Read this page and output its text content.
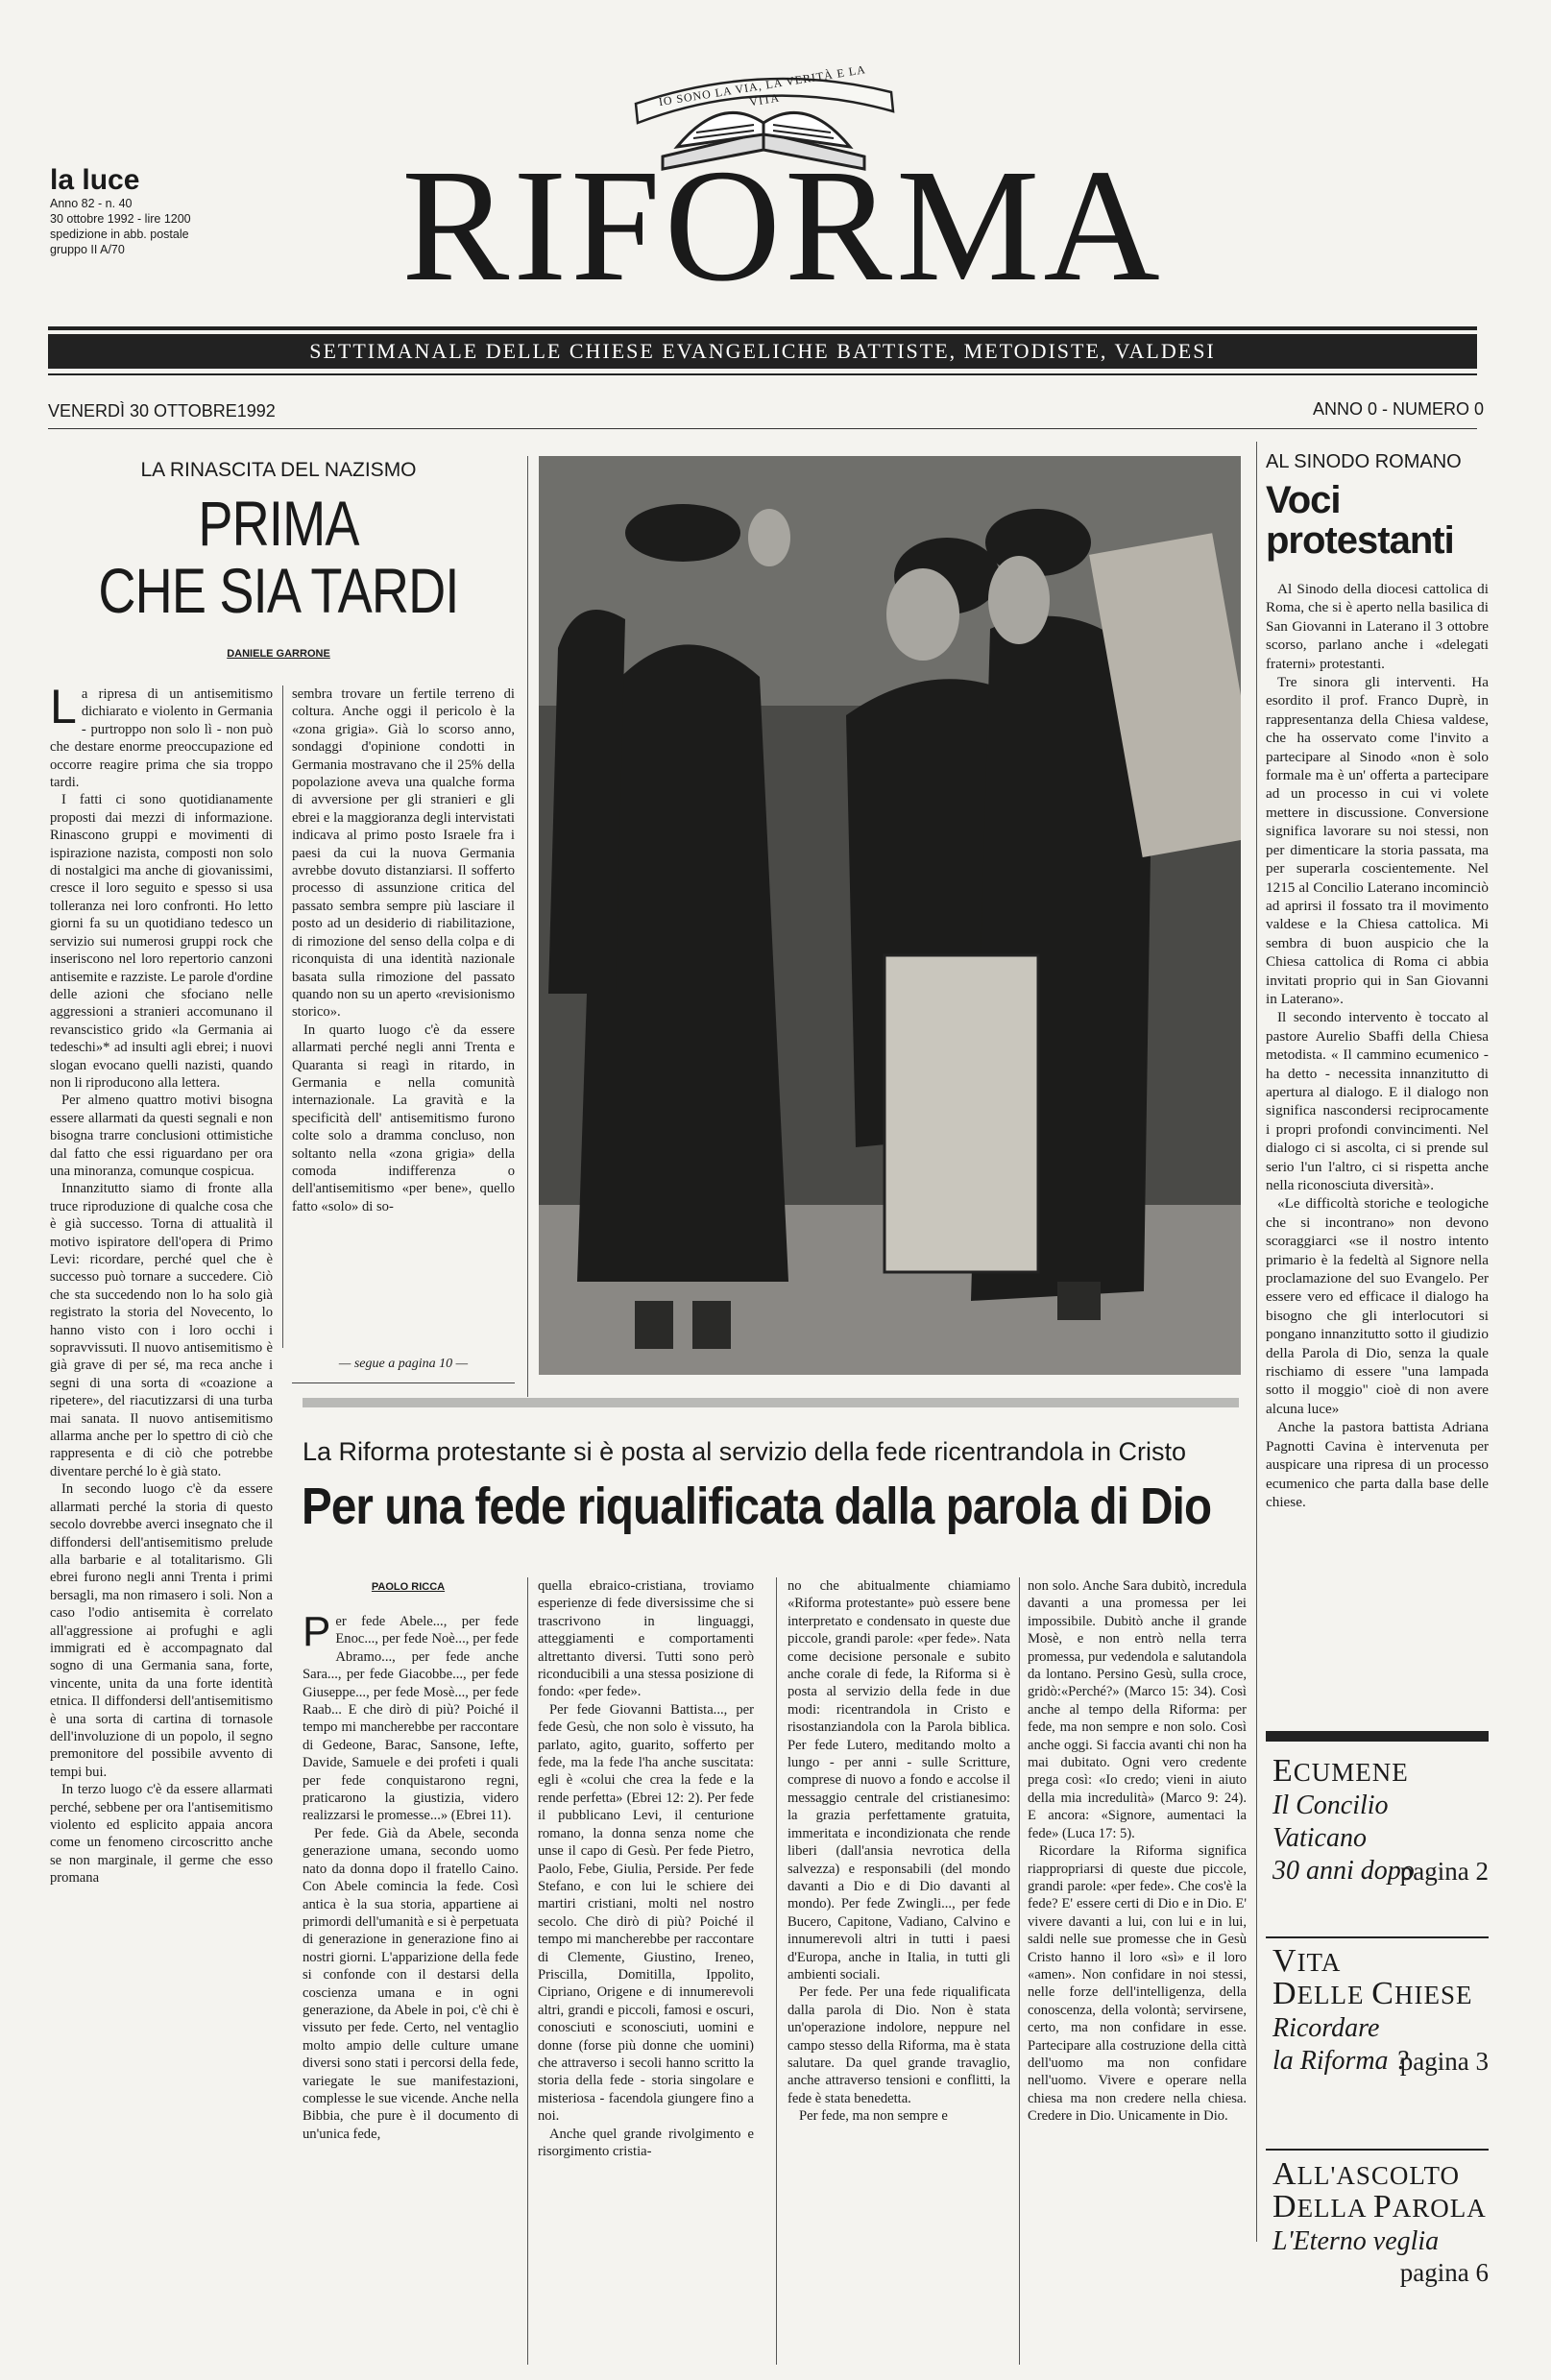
la luce
Anno 82 - n. 40
30 ottobre 1992 - lire 1200
spedizione in abb. postale
gruppo II A/70
IO SONO LA VIA, LA VERITÀ E LA VITA
RIFORMA
SETTIMANALE DELLE CHIESE EVANGELICHE BATTISTE, METODISTE, VALDESI
VENERDÌ 30 OTTOBRE1992	ANNO 0 - NUMERO 0
LA RINASCITA DEL NAZISMO
PRIMA
CHE SIA TARDI
DANIELE GARRONE

La ripresa di un antisemitismo dichiarato e violento in Germania - purtroppo non solo lì - non può che destare enorme preoccupazione ed occorre reagire prima che sia troppo tardi.

I fatti ci sono quotidianamente proposti dai mezzi di informazione. Rinascono gruppi e movimenti di ispirazione nazista, composti non solo di nostalgici ma anche di giovanissimi, cresce il loro seguito e spesso si usa tolleranza nei loro confronti. Ho letto giorni fa su un quotidiano tedesco un servizio sui numerosi gruppi rock che inseriscono nel loro repertorio canzoni antisemite e razziste. Le parole d'ordine delle azioni che sfociano nelle aggressioni a stranieri accomunano il revanscistico grido «la Germania ai tedeschi»* ad insulti agli ebrei; i nuovi slogan evocano quelli nazisti, quando non li riproducono alla lettera.

Per almeno quattro motivi bisogna essere allarmati da questi segnali e non bisogna trarre conclusioni ottimistiche dal fatto che essi riguardano per ora una minoranza, comunque cospicua.

Innanzitutto siamo di fronte alla truce riproduzione di qualche cosa che è già successo. Torna di attualità il motivo ispiratore dell'opera di Primo Levi: ricordare, perché quel che è successo può tornare a succedere. Ciò che sta succedendo non lo ha solo già registrato la storia del Novecento, lo hanno visto con i loro occhi i sopravvissuti. Il nuovo antisemitismo è già grave di per sé, ma reca anche i segni di una sorta di «coazione a ripetere», del riacutizzarsi di una turba mai sanata. Il nuovo antisemitismo allarma anche per lo spettro di ciò che rappresenta e di ciò che potrebbe diventare perché lo è già stato.

In secondo luogo c'è da essere allarmati perché la storia di questo secolo dovrebbe averci insegnato che il diffondersi dell'antisemitismo prelude alla barbarie e al totalitarismo. Gli ebrei furono negli anni Trenta i primi bersagli, ma non rimasero i soli. Non a caso l'odio antisemita è correlato all'aggressione ai profughi e agli immigrati ed è accompagnato dal sogno di una Germania sana, forte, vincente, unita da una forte identità etnica. Il diffondersi dell'antisemitismo è una sorta di cartina di tornasole dell'involuzione di un popolo, il segno premonitore del possibile avvento di tempi bui.

In terzo luogo c'è da essere allarmati perché, sebbene per ora l'antisemitismo violento ed esplicito appaia ancora come un fenomeno circoscritto anche se non marginale, il germe che esso promana

sembra trovare un fertile terreno di coltura. Anche oggi il pericolo è la «zona grigia». Già lo scorso anno, sondaggi d'opinione condotti in Germania mostravano che il 25% della popolazione aveva una qualche forma di avversione per gli stranieri e gli ebrei e la maggioranza degli intervistati indicava al primo posto Israele fra i paesi da cui la nuova Germania avrebbe dovuto distanziarsi. Il sofferto processo di assunzione critica del passato sembra sempre più lasciare il posto ad un desiderio di riabilitazione, di rimozione del senso della colpa e di riconquista di una identità nazionale basata sulla rimozione del passato quando non su un aperto «revisionismo storico».

In quarto luogo c'è da essere allarmati perché negli anni Trenta e Quaranta si reagì in ritardo, in Germania e nella comunità internazionale. La gravità e la specificità dell' antisemitismo furono colte solo a dramma concluso, non soltanto nella «zona grigia» della comoda indifferenza o dell'antisemitismo «per bene», quello fatto «solo» di so-

— segue a pagina 10 —
AL SINODO ROMANO
Voci protestanti

Al Sinodo della diocesi cattolica di Roma, che si è aperto nella basilica di San Giovanni in Laterano il 3 ottobre scorso, parlano anche i «delegati fraterni» protestanti.

Tre sinora gli interventi. Ha esordito il prof. Franco Duprè, in rappresentanza della Chiesa valdese, che ha osservato come l'invito a partecipare al Sinodo «non è solo formale ma è un' offerta a partecipare ad un processo in cui vi volete mettere in discussione. Conversione significa lavorare su noi stessi, non per dimenticare la storia passata, ma per superarla coscientemente. Nel 1215 al Concilio Laterano incominciò ad aprirsi il fossato tra il movimento valdese e la Chiesa cattolica. Mi sembra di buon auspicio che la Chiesa cattolica di Roma ci abbia invitati proprio qui in San Giovanni in Laterano».

Il secondo intervento è toccato al pastore Aurelio Sbaffi della Chiesa metodista. « Il cammino ecumenico - ha detto - necessita innanzitutto di apertura al dialogo. E il dialogo non significa nascondersi reciprocamente i propri profondi convincimenti. Nel dialogo ci si ascolta, ci si prende sul serio l'un l'altro, ci si rispetta anche nella riconosciuta diversità».

«Le difficoltà storiche e teologiche che si incontrano» non devono scoraggiarci «se il nostro intento primario è la fedeltà al Signore nella proclamazione del suo Evangelo. Per essere vero ed efficace il dialogo ha bisogno che gli interlocutori si pongano innanzitutto sotto il giudizio della Parola di Dio, senza la quale rischiamo di essere "una lampada sotto il moggio" cioè di non avere alcuna luce»

Anche la pastora battista Adriana Pagnotti Cavina è intervenuta per auspicare una ripresa di un processo ecumenico che parta dalla base delle chiese.

ECUMENE
Il Concilio Vaticano
30 anni dopo
pagina 2
VITA
DELLE CHIESE
Ricordare
la Riforma ?
pagina 3
ALL'ASCOLTO
DELLA PAROLA
L'Eterno veglia
pagina 6
La Riforma protestante si è posta al servizio della fede ricentrandola in Cristo
Per una fede riqualificata dalla parola di Dio
PAOLO RICCA

Per fede Abele..., per fede Enoc..., per fede Noè..., per fede Abramo..., per fede anche Sara..., per fede Giacobbe..., per fede Giuseppe..., per fede Mosè..., per fede Raab... E che dirò di più? Poiché il tempo mi mancherebbe per raccontare di Gedeone, Barac, Sansone, Iefte, Davide, Samuele e dei profeti i quali per fede conquistarono regni, praticarono la giustizia, videro realizzarsi le promesse...» (Ebrei 11).

Per fede. Già da Abele, seconda generazione umana, secondo uomo nato da donna dopo il fratello Caino. Con Abele comincia la fede. Così antica è la sua storia, appartiene ai primordi dell'umanità e si è perpetuata di generazione in generazione fino ai nostri giorni. L'apparizione della fede si confonde con il destarsi della coscienza umana e in ogni generazione, da Abele in poi, c'è chi è vissuto per fede. Certo, nel ventaglio molto ampio delle culture umane diversi sono stati i percorsi della fede, variegate le sue manifestazioni, complesse le sue vicende. Anche nella Bibbia, che pure è il documento di un'unica fede,

quella ebraico-cristiana, troviamo esperienze di fede diversissime che si trascrivono in linguaggi, atteggiamenti e comportamenti altrettanto diversi. Tutti sono però riconducibili a una stessa posizione di fondo: «per fede».

Per fede Giovanni Battista..., per fede Gesù, che non solo è vissuto, ha parlato, agito, guarito, sofferto per fede, ma la fede l'ha anche suscitata: egli è «colui che crea la fede e la rende perfetta» (Ebrei 12: 2). Per fede il pubblicano Levi, il centurione romano, la donna senza nome che unse il capo di Gesù. Per fede Pietro, Paolo, Febe, Giulia, Perside. Per fede Stefano, e con lui le schiere dei martiri cristiani, molti nel nostro secolo. Che dirò di più? Poiché il tempo mi mancherebbe per raccontare di Clemente, Giustino, Ireneo, Priscilla, Domitilla, Ippolito, Cipriano, Origene e di innumerevoli altri, grandi e piccoli, famosi e oscuri, conosciuti e sconosciuti, uomini e donne (forse più donne che uomini) che attraverso i secoli hanno scritto la storia della fede - storia singolare e misteriosa - facendola giungere fino a noi.

Anche quel grande rivolgimento e risorgimento cristia-

no che abitualmente chiamiamo «Riforma protestante» può essere bene interpretato e condensato in queste due piccole, grandi parole: «per fede». Nata come decisione personale e subito anche corale di fede, la Riforma si è posta al servizio della fede in due modi: ricentrandola in Cristo e risostanziandola con la Parola biblica. Per fede Lutero, meditando molto a lungo - per anni - sulle Scritture, comprese di nuovo a fondo e accolse il messaggio centrale del cristianesimo: la grazia perfettamente gratuita, immeritata e incondizionata che rende liberi (dall'ansia nevrotica della salvezza) e responsabili (del mondo davanti a Dio e di Dio davanti al mondo). Per fede Zwingli..., per fede Bucero, Capitone, Vadiano, Calvino e innumerevoli altri in tutti i paesi d'Europa, anche in Italia, in tutti gli ambienti sociali.

Per fede. Per una fede riqualificata dalla parola di Dio. Non è stata un'operazione indolore, neppure nel campo stesso della Riforma, ma è stata salutare. Da quel grande travaglio, anche attraverso tensioni e conflitti, la fede è stata benedetta.

Per fede, ma non sempre e

non solo. Anche Sara dubitò, incredula davanti a una promessa per lei impossibile. Dubitò anche il grande Mosè, e non entrò nella terra promessa, pur vedendola e salutandola da lontano. Persino Gesù, sulla croce, gridò:«Perché?» (Marco 15: 34). Così anche al tempo della Riforma: per fede, ma non sempre e non solo. Così anche oggi. Si faccia avanti chi non ha mai dubitato. Ogni vero credente prega così: «Io credo; vieni in aiuto della mia incredulità» (Marco 9: 24). E ancora: «Signore, aumentaci la fede» (Luca 17: 5).

Ricordare la Riforma significa riappropriarsi di queste due piccole, grandi parole: «per fede». Che cos'è la fede? E' essere certi di Dio e in Dio. E' vivere davanti a lui, con lui e in lui, saldi nelle sue promesse che in Gesù Cristo hanno il loro «sì» e il loro «amen». Non confidare in noi stessi, nelle forze dell'intelligenza, della conoscenza, della volontà; servirsene, certo, ma non confidare in esse. Partecipare alla costruzione della città dell'uomo ma non confidare nell'uomo. Vivere e operare nella chiesa ma non credere nella chiesa. Credere in Dio. Unicamente in Dio.
